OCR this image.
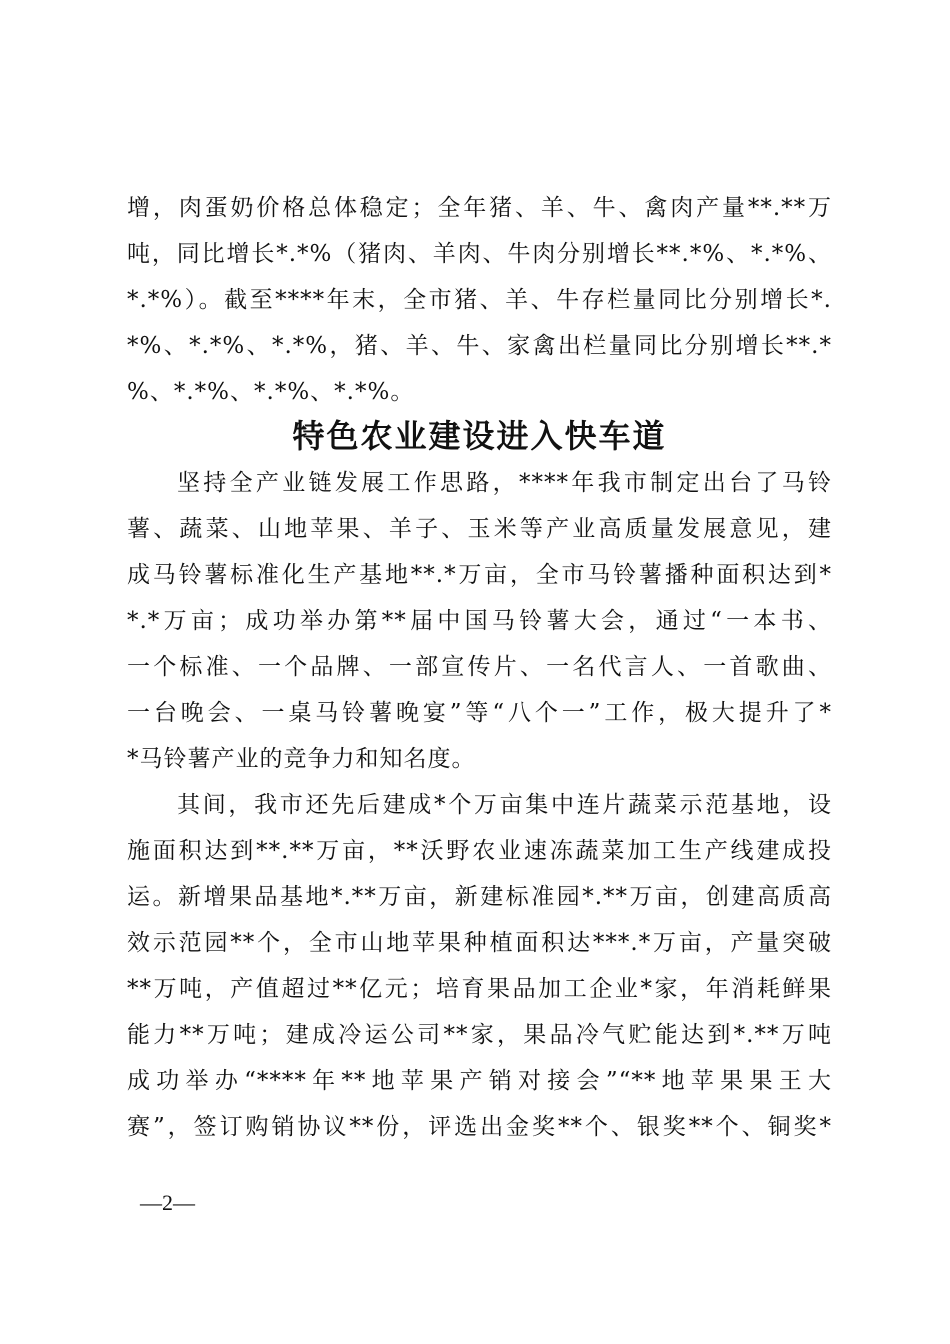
增，肉蛋奶价格总体稳定；全年猪、羊、牛、禽肉产量**.**万
吨，同比增长*.*%（猪肉、羊肉、牛肉分别增长**.*%、*.*%、
*.*%）。截至****年末，全市猪、羊、牛存栏量同比分别增长*.
*%、*.*%、*.*%，猪、羊、牛、家禽出栏量同比分别增长**.*
%、*.*%、*.*%、*.*%。
特色农业建设进入快车道
坚持全产业链发展工作思路，****年我市制定出台了马铃
薯、蔬菜、山地苹果、羊子、玉米等产业高质量发展意见，建
成马铃薯标准化生产基地**.*万亩，全市马铃薯播种面积达到*
*.*万亩；成功举办第**届中国马铃薯大会，通过“一本书、
一个标准、一个品牌、一部宣传片、一名代言人、一首歌曲、
一台晚会、一桌马铃薯晚宴”等“八个一”工作，极大提升了*
*马铃薯产业的竞争力和知名度。
其间，我市还先后建成*个万亩集中连片蔬菜示范基地，设
施面积达到**.**万亩，**沃野农业速冻蔬菜加工生产线建成投
运。新增果品基地*.**万亩，新建标准园*.**万亩，创建高质高
效示范园**个，全市山地苹果种植面积达***.*万亩，产量突破
**万吨，产值超过**亿元；培育果品加工企业*家，年消耗鲜果
能力**万吨；建成冷运公司**家，果品冷气贮能达到*.**万吨
成功举办“****年**地苹果产销对接会”“**地苹果果王大
赛”，签订购销协议**份，评选出金奖**个、银奖**个、铜奖*
—2—
